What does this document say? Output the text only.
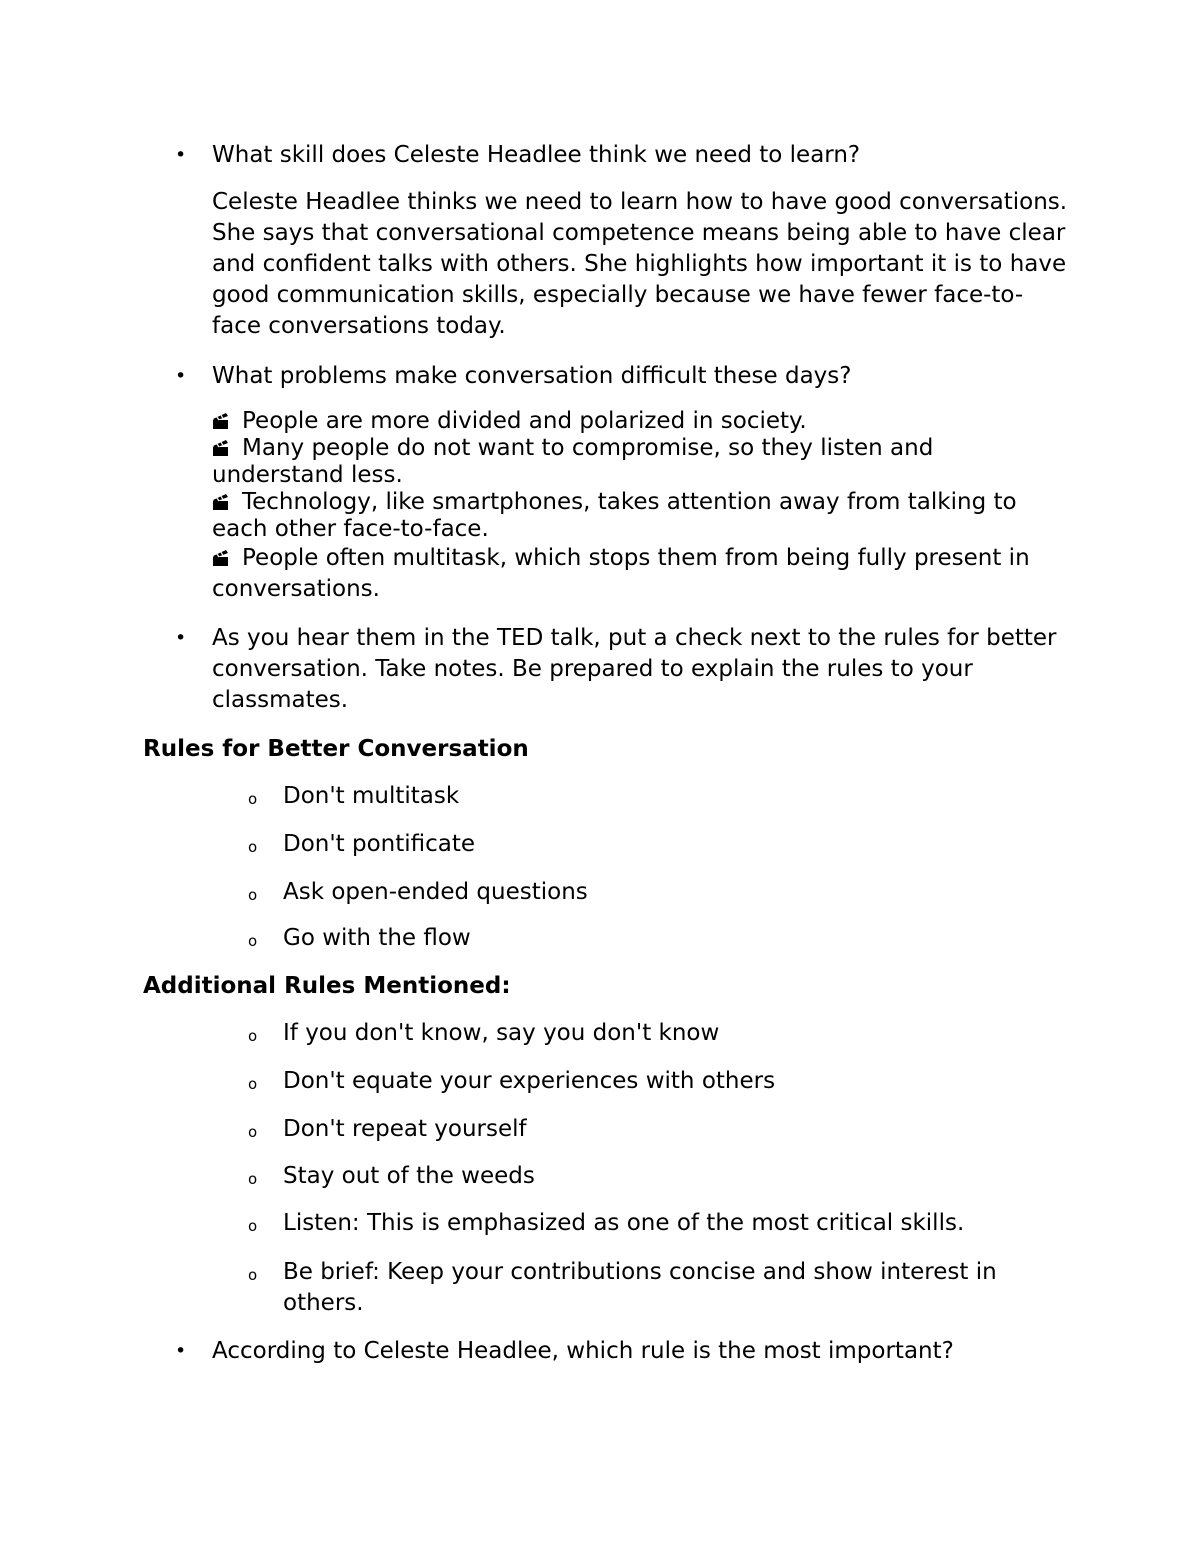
• What skill does Celeste Headlee think we need to learn?
Celeste Headlee thinks we need to learn how to have good conversations. She says that conversational competence means being able to have clear and confident talks with others. She highlights how important it is to have good communication skills, especially because we have fewer face-to-face conversations today.
• What problems make conversation difficult these days?
People are more divided and polarized in society.
Many people do not want to compromise, so they listen and understand less.
Technology, like smartphones, takes attention away from talking to each other face-to-face.
People often multitask, which stops them from being fully present in conversations.
• As you hear them in the TED talk, put a check next to the rules for better conversation. Take notes. Be prepared to explain the rules to your classmates.
Rules for Better Conversation
o Don't multitask
o Don't pontificate
o Ask open-ended questions
o Go with the flow
Additional Rules Mentioned:
o If you don't know, say you don't know
o Don't equate your experiences with others
o Don't repeat yourself
o Stay out of the weeds
o Listen: This is emphasized as one of the most critical skills.
o Be brief: Keep your contributions concise and show interest in others.
• According to Celeste Headlee, which rule is the most important?
